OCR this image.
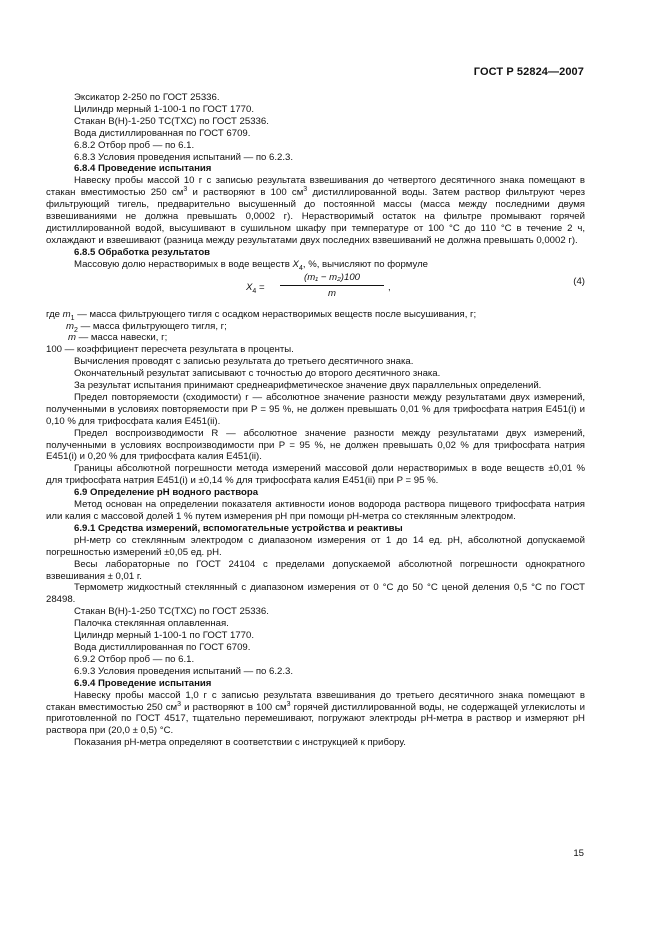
ГОСТ Р 52824—2007

Эксикатор 2-250 по ГОСТ 25336.

Цилиндр мерный 1-100-1 по ГОСТ 1770.

Стакан В(Н)-1-250 ТС(ТХС) по ГОСТ 25336.

Вода дистиллированная по ГОСТ 6709.

6.8.2 Отбор проб — по 6.1.

6.8.3 Условия проведения испытаний — по 6.2.3.

6.8.4 Проведение испытания

Навеску пробы массой 10 г с записью результата взвешивания до четвертого десятичного знака помещают в стакан вместимостью 250 $см^3$ и растворяют в 100 $см^3$ дистиллированной воды. Затем раствор фильтруют через фильтрующий тигель, предварительно высушенный до постоянной массы (масса между последними двумя взвешиваниями не должна превышать 0,0002 г). Нерастворимый остаток на фильтре промывают горячей дистиллированной водой, высушивают в сушильном шкафу при температуре от 100 °С до 110 °С в течение 2 ч, охлаждают и взвешивают (разница между результатами двух последних взвешиваний не должна превышать 0,0002 г).

6.8.5 Обработка результатов

Массовую долю нерастворимых в воде веществ $X_4$, %, вычисляют по формуле

$X_4 = \frac{\text{(m₁ − m₂)100}}{m}$ ,
(4)

где $m_1$ — масса фильтрующего тигля с осадком нерастворимых веществ после высушивания, г;

$m_2$ — масса фильтрующего тигля, г;

m — масса навески, г;

100 — коэффициент пересчета результата в проценты.

Вычисления проводят с записью результата до третьего десятичного знака.

Окончательный результат записывают с точностью до второго десятичного знака.

За результат испытания принимают среднеарифметическое значение двух параллельных определений.

Предел повторяемости (сходимости) r — абсолютное значение разности между результатами двух измерений, полученными в условиях повторяемости при P = 95 %, не должен превышать 0,01 % для трифосфата натрия Е451(i) и 0,10 % для трифосфата калия Е451(ii).

Предел воспроизводимости R — абсолютное значение разности между результатами двух измерений, полученными в условиях воспроизводимости при P = 95 %, не должен превышать 0,02 % для трифосфата натрия Е451(i) и 0,20 % для трифосфата калия Е451(ii).

Границы абсолютной погрешности метода измерений массовой доли нерастворимых в воде веществ ±0,01 % для трифосфата натрия Е451(i) и ±0,14 % для трифосфата калия Е451(ii) при P = 95 %.

6.9 Определение pH водного раствора

Метод основан на определении показателя активности ионов водорода раствора пищевого трифосфата натрия или калия с массовой долей 1 % путем измерения pH при помощи pH-метра со стеклянным электродом.

6.9.1 Средства измерений, вспомогательные устройства и реактивы

pH-метр со стеклянным электродом с диапазоном измерения от 1 до 14 ед. pH, абсолютной допускаемой погрешностью измерений ±0,05 ед. pH.

Весы лабораторные по ГОСТ 24104 с пределами допускаемой абсолютной погрешности однократного взвешивания ± 0,01 г.

Термометр жидкостный стеклянный с диапазоном измерения от 0 °С до 50 °С ценой деления 0,5 °С по ГОСТ 28498.

Стакан В(Н)-1-250 ТС(ТХС) по ГОСТ 25336.

Палочка стеклянная оплавленная.

Цилиндр мерный 1-100-1 по ГОСТ 1770.

Вода дистиллированная по ГОСТ 6709.

6.9.2 Отбор проб — по 6.1.

6.9.3 Условия проведения испытаний — по 6.2.3.

6.9.4 Проведение испытания

Навеску пробы массой 1,0 г с записью результата взвешивания до третьего десятичного знака помещают в стакан вместимостью 250 $см^3$ и растворяют в 100 $см^3$ горячей дистиллированной воды, не содержащей углекислоты и приготовленной по ГОСТ 4517, тщательно перемешивают, погружают электроды pH-метра в раствор и измеряют pH раствора при (20,0 ± 0,5) °С.

Показания pH-метра определяют в соответствии с инструкцией к прибору.

15
